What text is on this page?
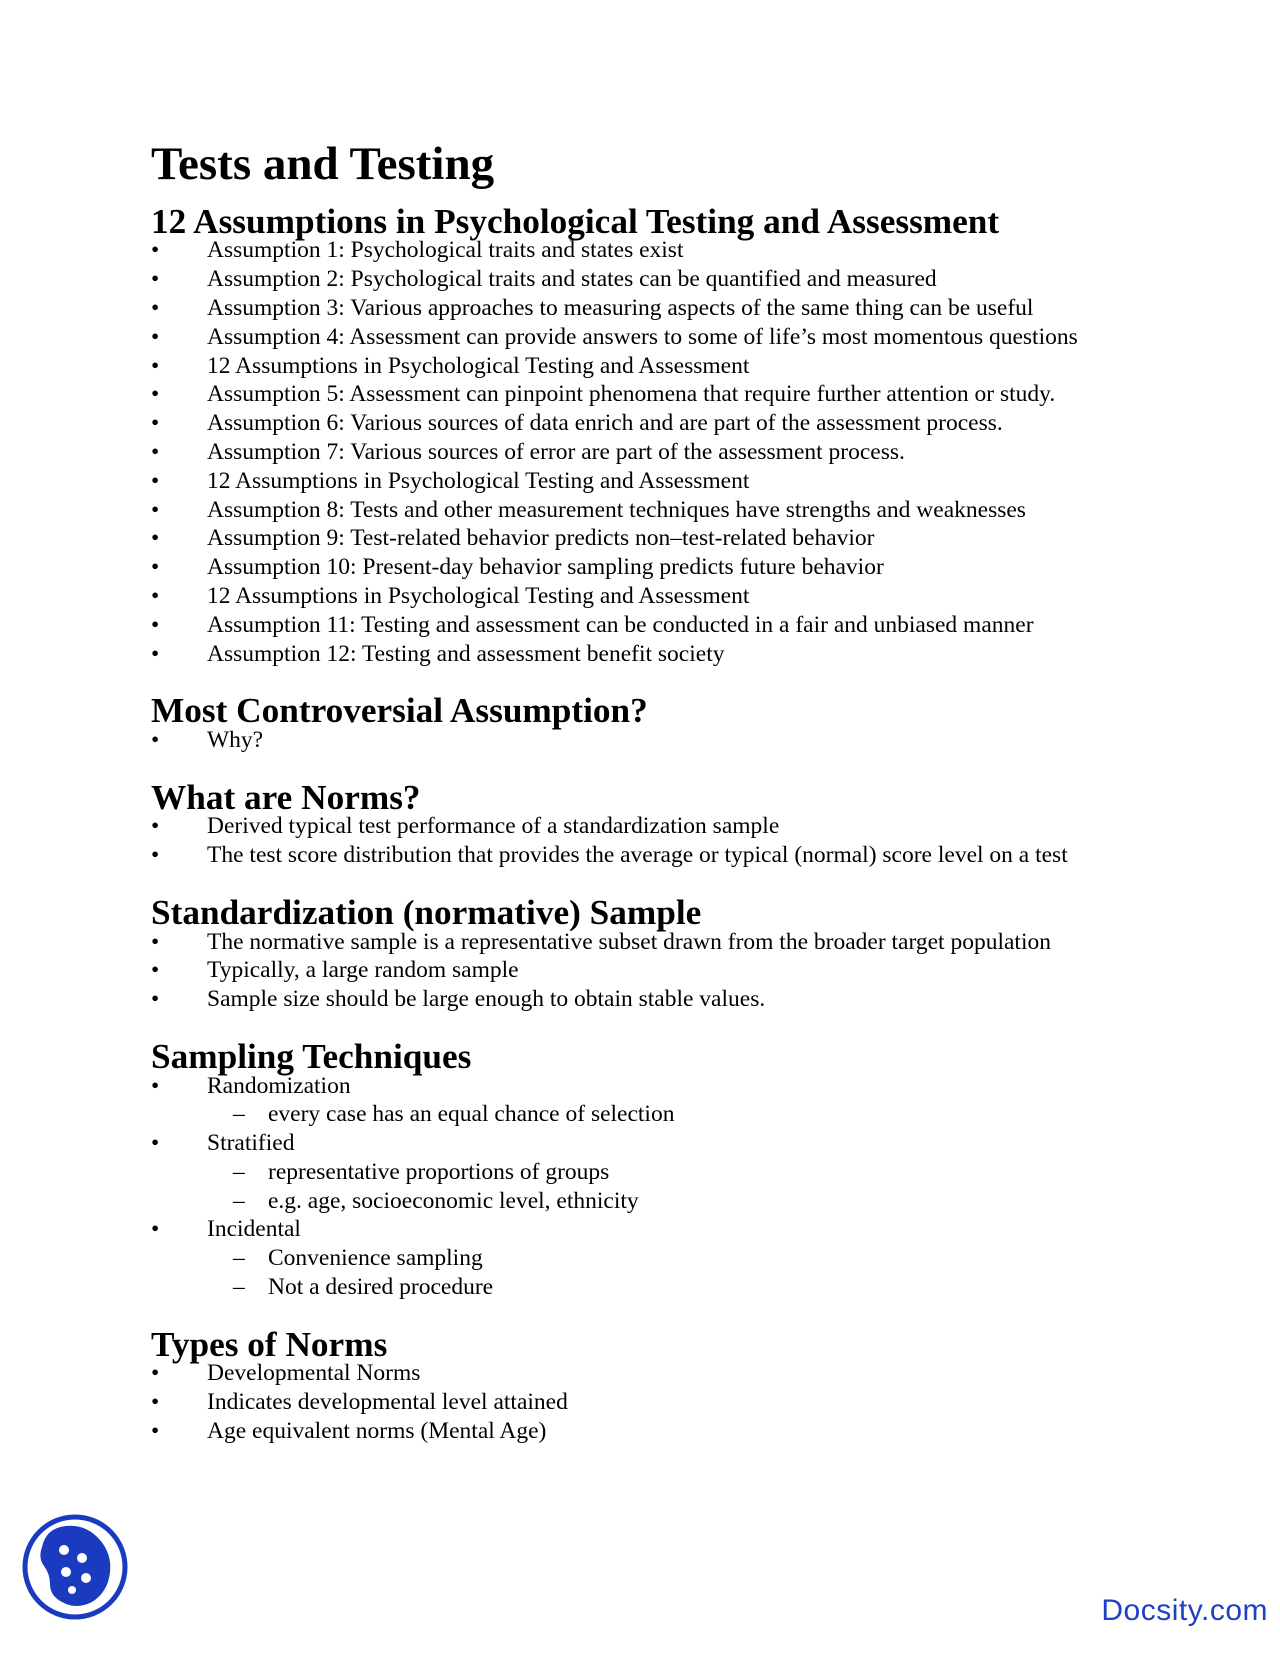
Tests and Testing
12 Assumptions in Psychological Testing and Assessment
•	Assumption 1: Psychological traits and states exist
•	Assumption 2: Psychological traits and states can be quantified and measured
•	Assumption 3: Various approaches to measuring aspects of the same thing can be useful
•	Assumption 4: Assessment can provide answers to some of life’s most momentous questions
•	12 Assumptions in Psychological Testing and Assessment
•	Assumption 5: Assessment can pinpoint phenomena that require further attention or study.
•	Assumption 6: Various sources of data enrich and are part of the assessment process.
•	Assumption 7: Various sources of error are part of the assessment process.
•	12 Assumptions in Psychological Testing and Assessment
•	Assumption 8: Tests and other measurement techniques have strengths and weaknesses
•	Assumption 9: Test-related behavior predicts non–test-related behavior
•	Assumption 10: Present-day behavior sampling predicts future behavior
•	12 Assumptions in Psychological Testing and Assessment
•	Assumption 11: Testing and assessment can be conducted in a fair and unbiased manner
•	Assumption 12: Testing and assessment benefit society
Most Controversial Assumption?
•	Why?
What are Norms?
•	Derived typical test performance of a standardization sample
•	The test score distribution that provides the average or typical (normal) score level on a test
Standardization (normative) Sample
•	The normative sample is a representative subset drawn from the broader target population
•	Typically, a large random sample
•	Sample size should be large enough to obtain stable values.
Sampling Techniques
•	Randomization
– every case has an equal chance of selection
•	Stratified
– representative proportions of groups
– e.g. age, socioeconomic level, ethnicity
•	Incidental
– Convenience sampling
– Not a desired procedure
Types of Norms
•	Developmental Norms
•	Indicates developmental level attained
•	Age equivalent norms (Mental Age)
Docsity.com
